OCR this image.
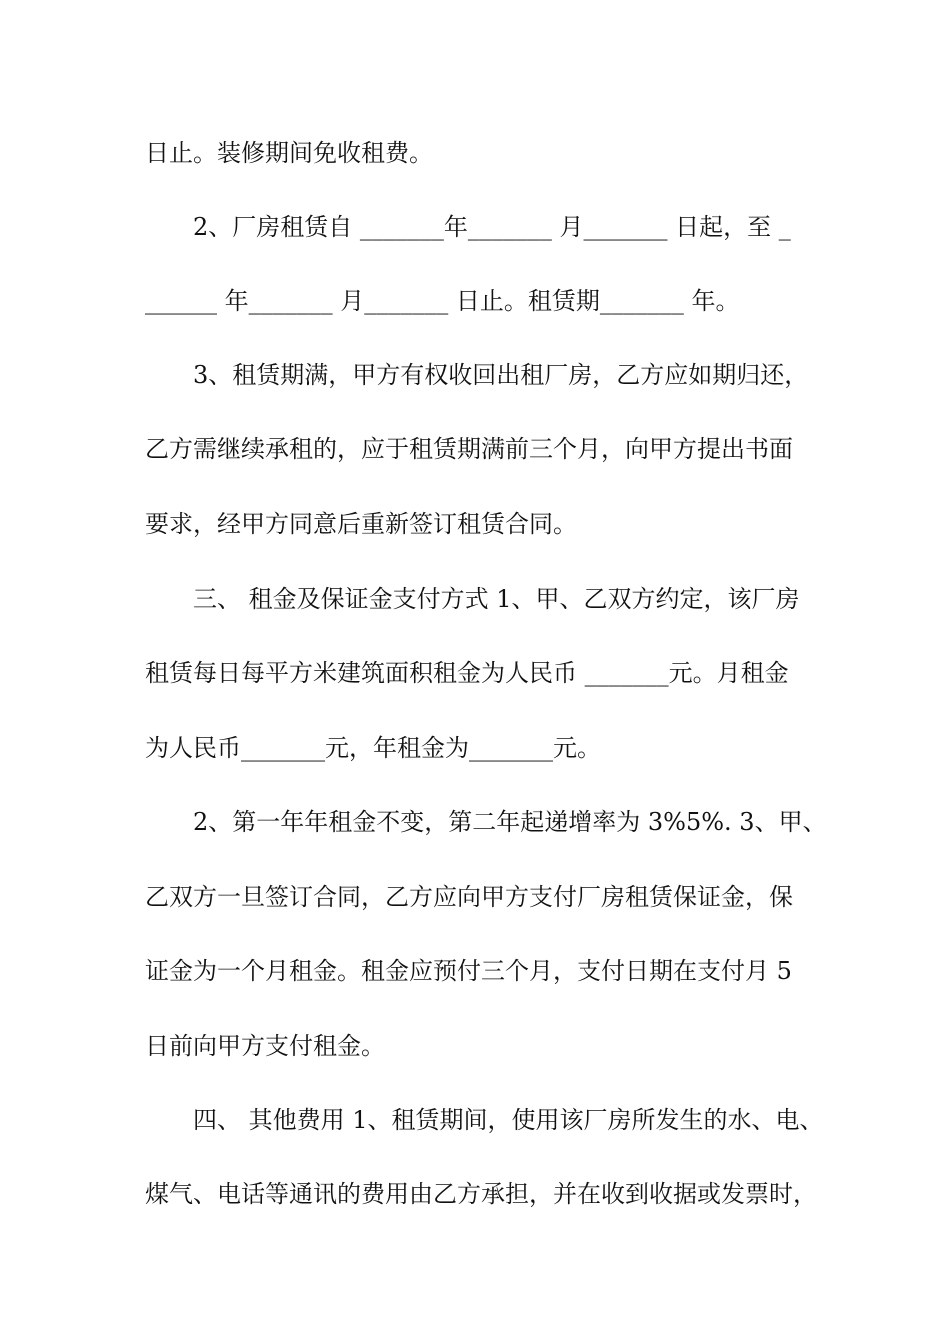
日止。装修期间免收租费。
2、厂房租赁自 _______年_______ 月_______ 日起，至 _
______ 年_______ 月_______ 日止。租赁期_______ 年。
3、租赁期满，甲方有权收回出租厂房，乙方应如期归还，
乙方需继续承租的，应于租赁期满前三个月，向甲方提出书面
要求，经甲方同意后重新签订租赁合同。
三、 租金及保证金支付方式 1、甲、乙双方约定，该厂房
租赁每日每平方米建筑面积租金为人民币 _______元。月租金
为人民币_______元，年租金为_______元。
2、第一年年租金不变，第二年起递增率为 3%5%. 3、甲、
乙双方一旦签订合同，乙方应向甲方支付厂房租赁保证金，保
证金为一个月租金。租金应预付三个月，支付日期在支付月 5
日前向甲方支付租金。
四、 其他费用 1、租赁期间，使用该厂房所发生的水、电、
煤气、电话等通讯的费用由乙方承担，并在收到收据或发票时，
